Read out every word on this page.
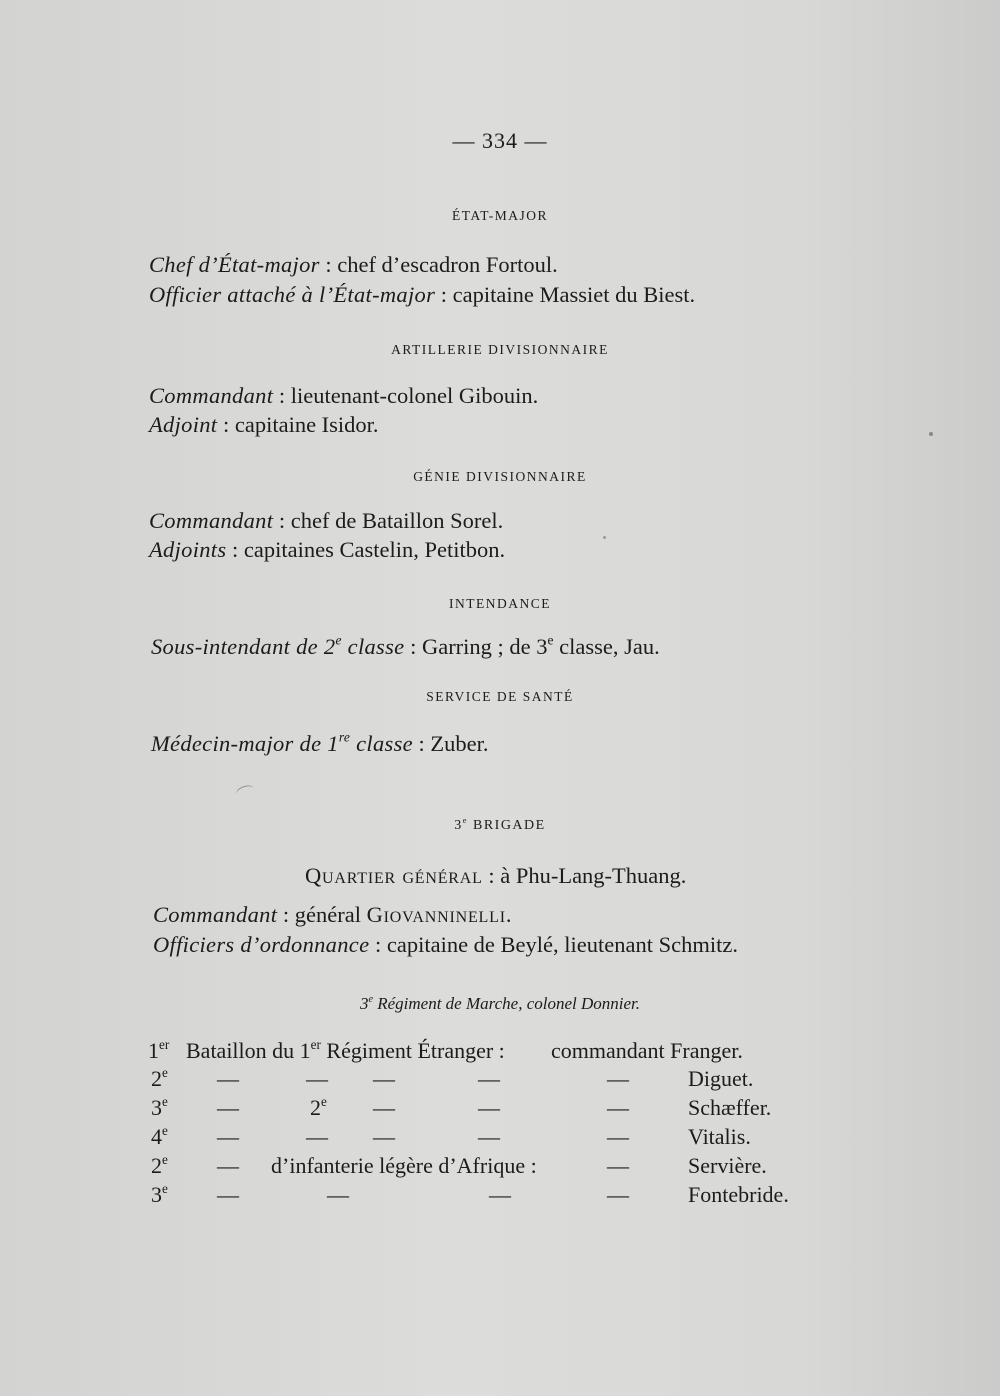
— 334 —
ÉTAT-MAJOR
Chef d’État-major : chef d’escadron Fortoul.
Officier attaché à l’État-major : capitaine Massiet du Biest.
ARTILLERIE DIVISIONNAIRE
Commandant : lieutenant-colonel Gibouin.
Adjoint : capitaine Isidor.
GÉNIE DIVISIONNAIRE
Commandant : chef de Bataillon Sorel.
Adjoints : capitaines Castelin, Petitbon.
INTENDANCE
Sous-intendant de 2e classe : Garring ; de 3e classe, Jau.
SERVICE DE SANTÉ
Médecin-major de 1re classe : Zuber.
3e BRIGADE
Quartier général : à Phu-Lang-Thuang.
Commandant : général Giovanninelli.
Officiers d’ordonnance : capitaine de Beylé, lieutenant Schmitz.
3e Régiment de Marche, colonel Donnier.
1er Bataillon du 1er Régiment Étranger : commandant Franger.
2e —	— —	—	—	Diguet.
3e —	2e —	—	—	Schæffer.
4e —	— —	—	—	Vitalis.
2e — d’infanterie légère d’Afrique :	—	Servière.
3e —	—	—	—	Fontebride.
